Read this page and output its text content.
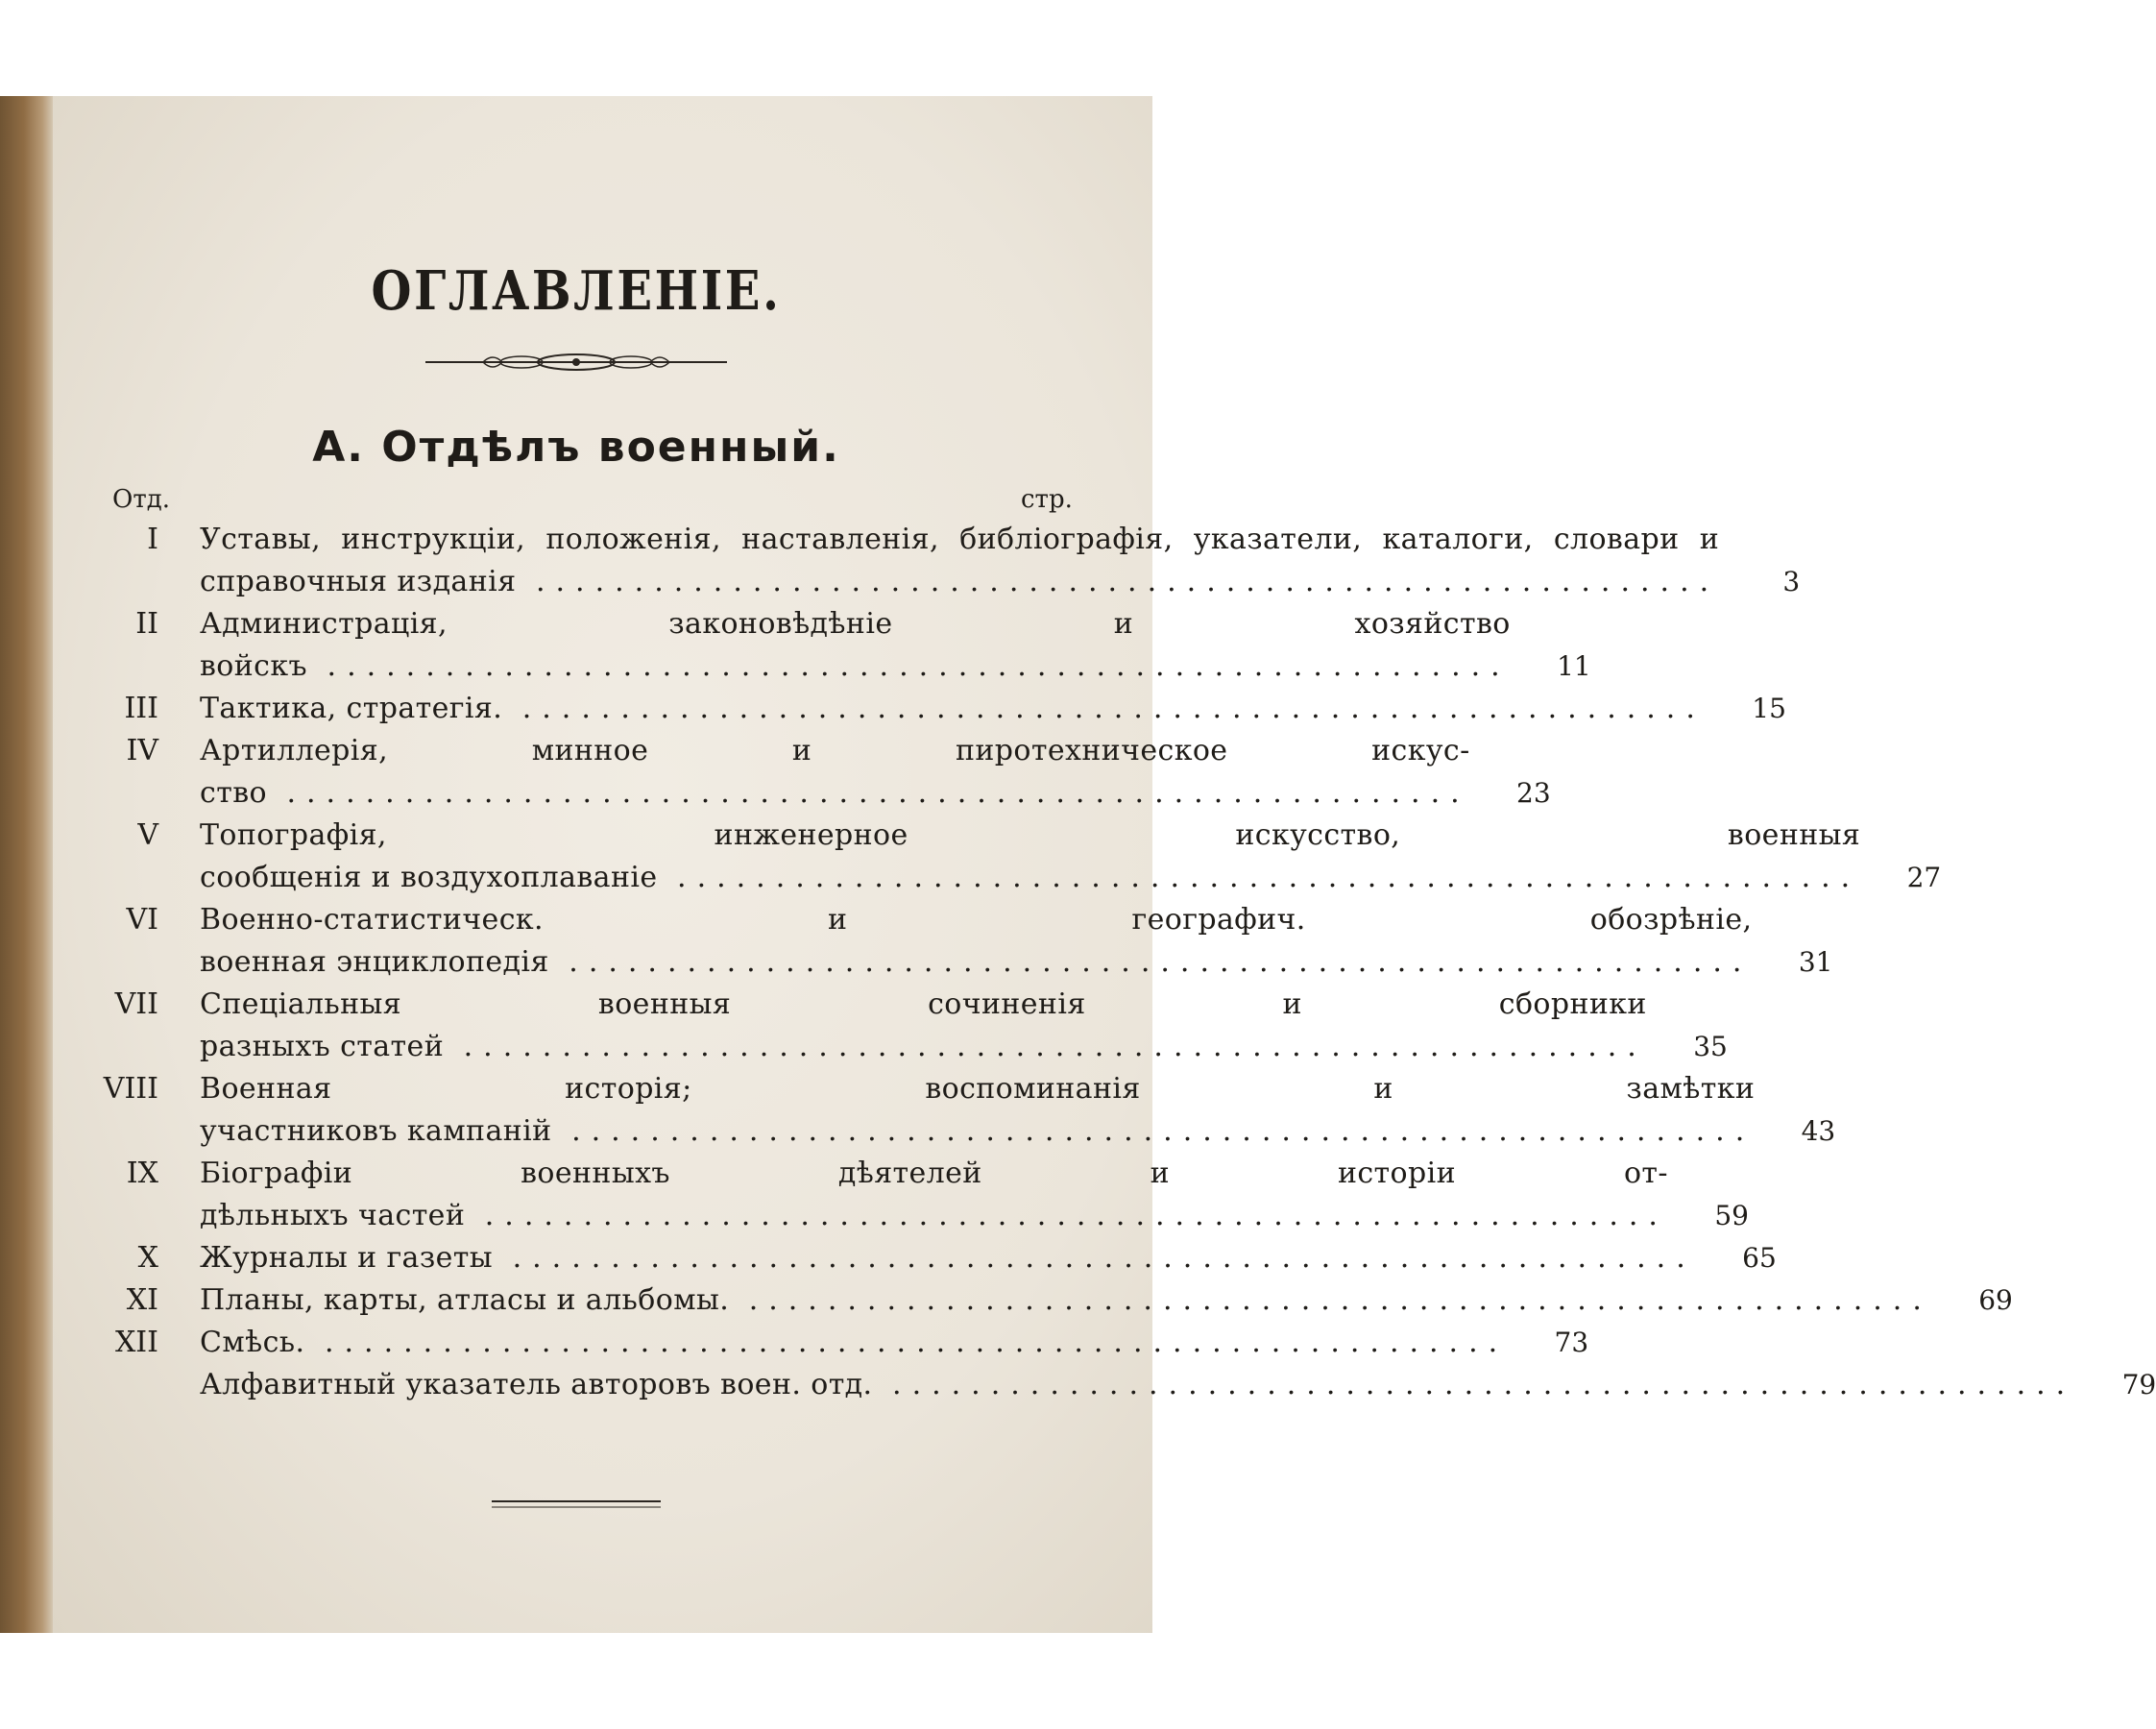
ОГЛАВЛЕНІЕ.
А. Отдѣлъ военный.
Отд.	стр.
I Уставы, инструкціи, положенія, наставленія, библіографія, указатели, каталоги, словари и
справочныя изданія ............................................................	3
II Администрація, законовѣдѣніе и хозяйство
войскъ ............................................................	11
III Тактика, стратегія. ............................................................	15
IV Артиллерія, минное и пиротехническое искус-
ство ............................................................	23
V Топографія, инженерное искусство, военныя
сообщенія и воздухоплаваніе ............................................................	27
VI Военно-статистическ. и географич. обозрѣніе,
военная энциклопедія ............................................................	31
VII Спеціальныя военныя сочиненія и сборники
разныхъ статей ............................................................	35
VIII Военная исторія; воспоминанія и замѣтки
участниковъ кампаній ............................................................	43
IX Біографіи военныхъ дѣятелей и исторіи от-
дѣльныхъ частей ............................................................	59
X Журналы и газеты ............................................................	65
XI Планы, карты, атласы и альбомы. ............................................................	69
XII Смѣсь. ............................................................	73
Алфавитный указатель авторовъ воен. отд. ............................................................	79
